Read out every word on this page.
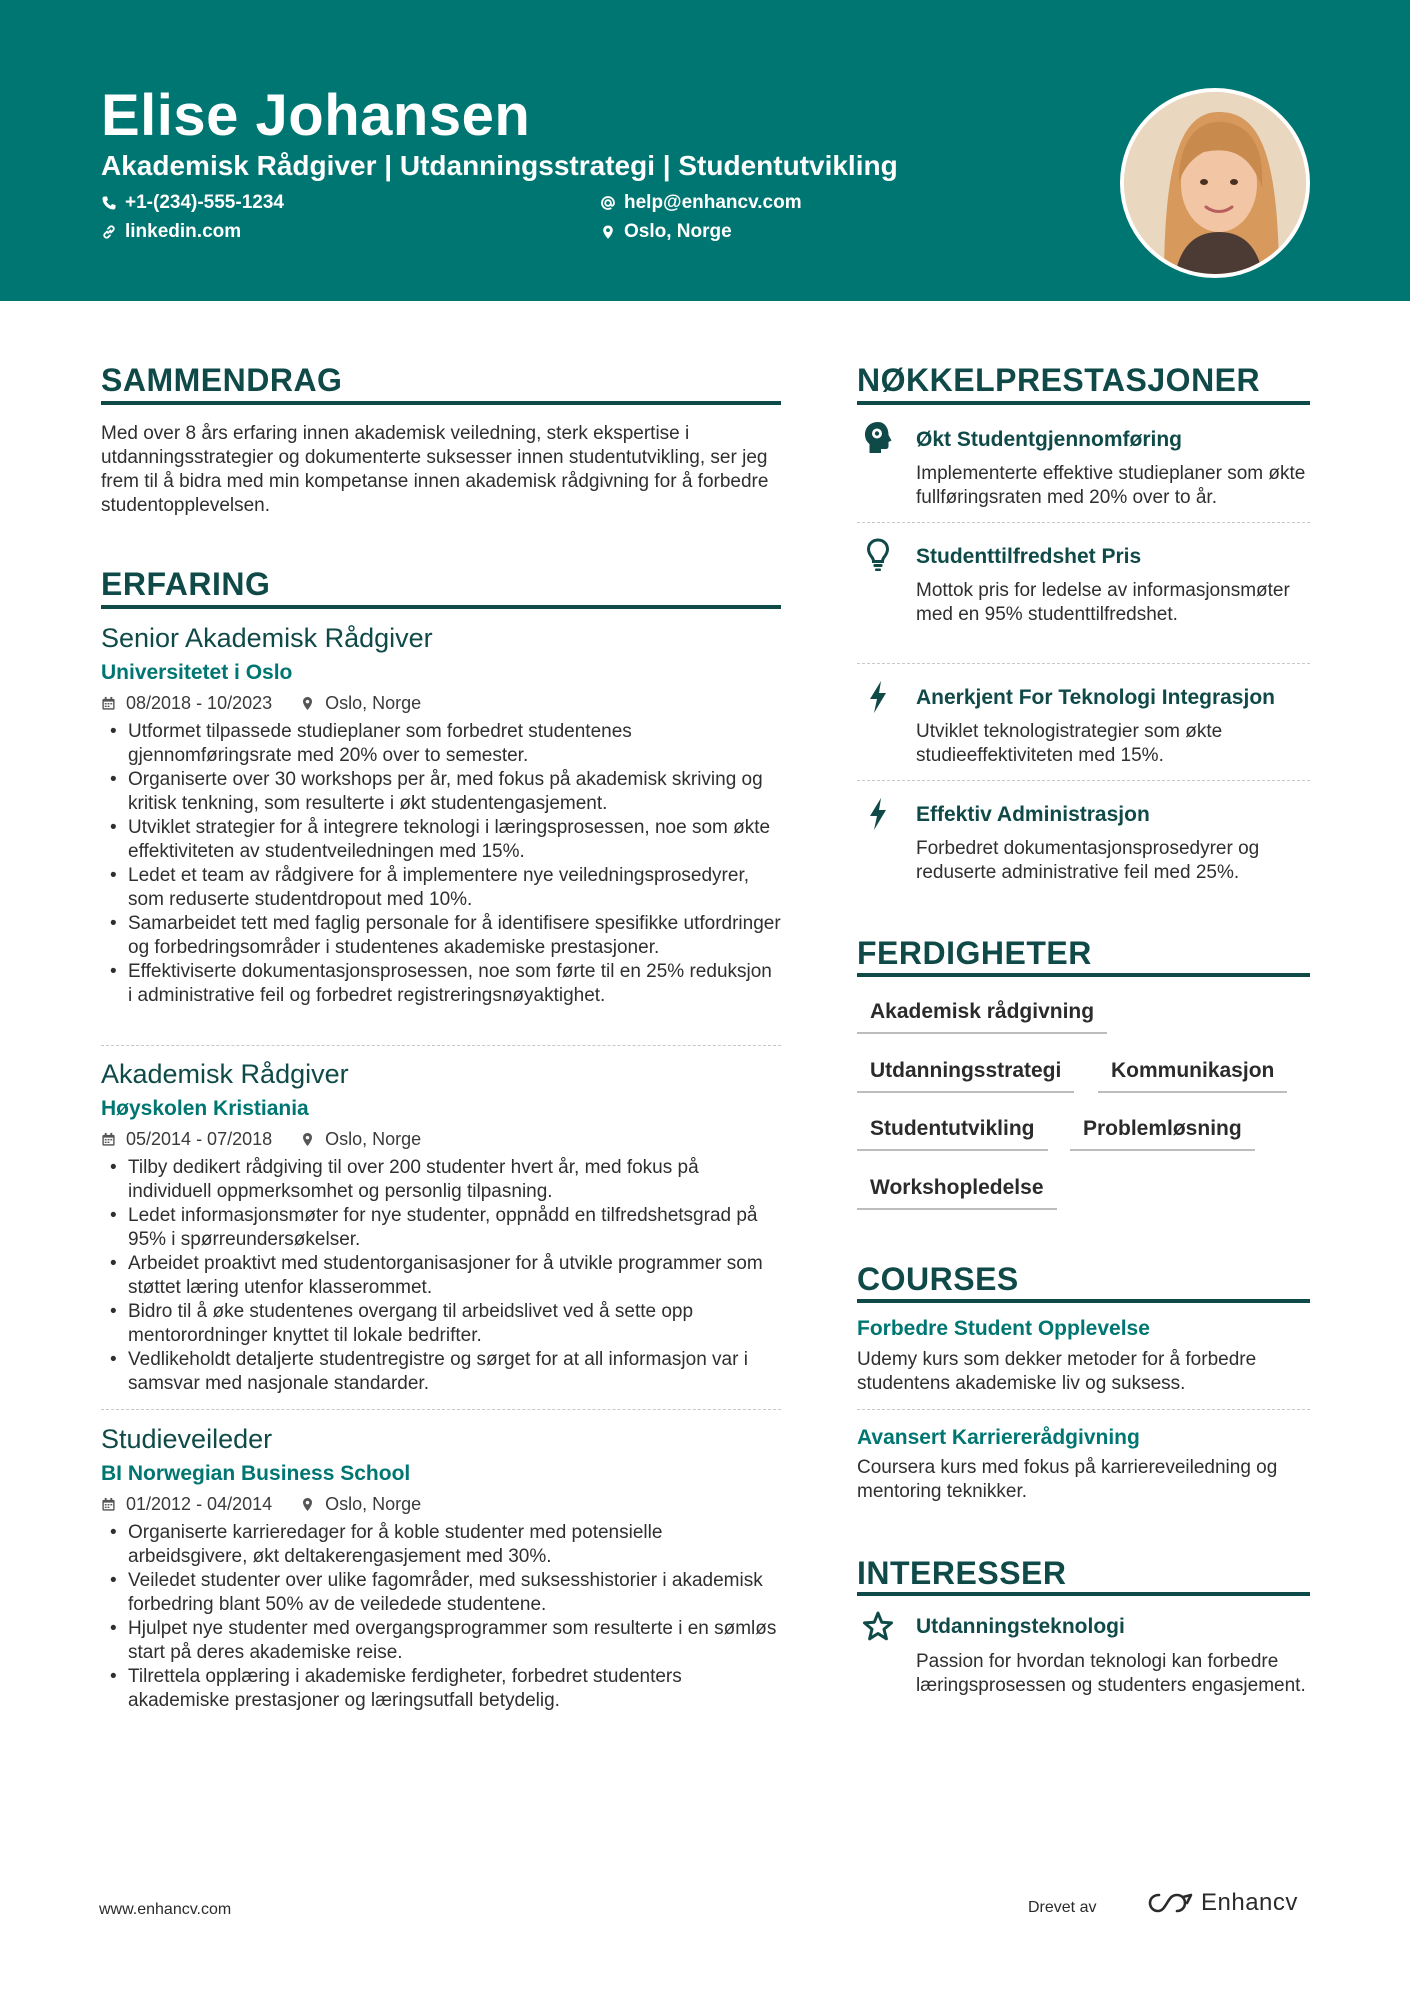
Elise Johansen
Akademisk Rådgiver | Utdanningsstrategi | Studentutvikling
+1-(234)-555-1234	help@enhancv.com
linkedin.com	Oslo, Norge
SAMMENDRAG
Med over 8 års erfaring innen akademisk veiledning, sterk ekspertise i utdanningsstrategier og dokumenterte suksesser innen studentutvikling, ser jeg frem til å bidra med min kompetanse innen akademisk rådgivning for å forbedre studentopplevelsen.
ERFARING
Senior Akademisk Rådgiver
Universitetet i Oslo
08/2018 - 10/2023	Oslo, Norge
• Utformet tilpassede studieplaner som forbedret studentenes gjennomføringsrate med 20% over to semester.
• Organiserte over 30 workshops per år, med fokus på akademisk skriving og kritisk tenkning, som resulterte i økt studentengasjement.
• Utviklet strategier for å integrere teknologi i læringsprosessen, noe som økte effektiviteten av studentveiledningen med 15%.
• Ledet et team av rådgivere for å implementere nye veiledningsprosedyrer, som reduserte studentdropout med 10%.
• Samarbeidet tett med faglig personale for å identifisere spesifikke utfordringer og forbedringsområder i studentenes akademiske prestasjoner.
• Effektiviserte dokumentasjonsprosessen, noe som førte til en 25% reduksjon i administrative feil og forbedret registreringsnøyaktighet.
Akademisk Rådgiver
Høyskolen Kristiania
05/2014 - 07/2018	Oslo, Norge
• Tilby dedikert rådgiving til over 200 studenter hvert år, med fokus på individuell oppmerksomhet og personlig tilpasning.
• Ledet informasjonsmøter for nye studenter, oppnådd en tilfredshetsgrad på 95% i spørreundersøkelser.
• Arbeidet proaktivt med studentorganisasjoner for å utvikle programmer som støttet læring utenfor klasserommet.
• Bidro til å øke studentenes overgang til arbeidslivet ved å sette opp mentorordninger knyttet til lokale bedrifter.
• Vedlikeholdt detaljerte studentregistre og sørget for at all informasjon var i samsvar med nasjonale standarder.
Studieveileder
BI Norwegian Business School
01/2012 - 04/2014	Oslo, Norge
• Organiserte karrieredager for å koble studenter med potensielle arbeidsgivere, økt deltakerengasjement med 30%.
• Veiledet studenter over ulike fagområder, med suksesshistorier i akademisk forbedring blant 50% av de veiledede studentene.
• Hjulpet nye studenter med overgangsprogrammer som resulterte i en sømløs start på deres akademiske reise.
• Tilrettela opplæring i akademiske ferdigheter, forbedret studenters akademiske prestasjoner og læringsutfall betydelig.
NØKKELPRESTASJONER
Økt Studentgjennomføring
Implementerte effektive studieplaner som økte fullføringsraten med 20% over to år.
Studenttilfredshet Pris
Mottok pris for ledelse av informasjonsmøter med en 95% studenttilfredshet.
Anerkjent For Teknologi Integrasjon
Utviklet teknologistrategier som økte studieeffektiviteten med 15%.
Effektiv Administrasjon
Forbedret dokumentasjonsprosedyrer og reduserte administrative feil med 25%.
FERDIGHETER
Akademisk rådgivning
Utdanningsstrategi	Kommunikasjon
Studentutvikling	Problemløsning
Workshopledelse
COURSES
Forbedre Student Opplevelse
Udemy kurs som dekker metoder for å forbedre studentens akademiske liv og suksess.
Avansert Karriererådgivning
Coursera kurs med fokus på karriereveiledning og mentoring teknikker.
INTERESSER
Utdanningsteknologi
Passion for hvordan teknologi kan forbedre læringsprosessen og studenters engasjement.
www.enhancv.com	Drevet av	Enhancv
